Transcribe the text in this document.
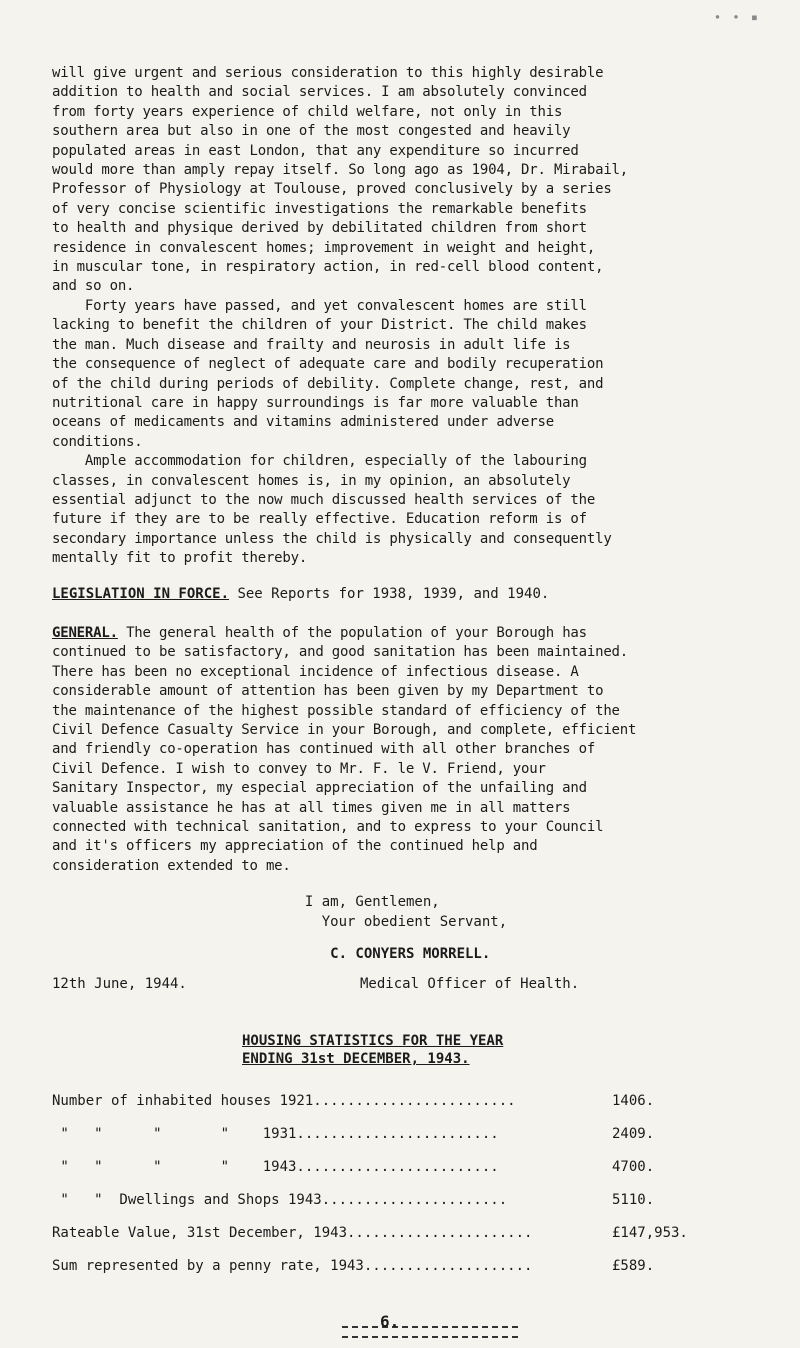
∙ ∙ ▪

will give urgent and serious consideration to this highly desirable
addition to health and social services. I am absolutely convinced
from forty years experience of child welfare, not only in this
southern area but also in one of the most congested and heavily
populated areas in east London, that any expenditure so incurred
would more than amply repay itself. So long ago as 1904, Dr. Mirabail,
Professor of Physiology at Toulouse, proved conclusively by a series
of very concise scientific investigations the remarkable benefits
to health and physique derived by debilitated children from short
residence in convalescent homes; improvement in weight and height,
in muscular tone, in respiratory action, in red-cell blood content,
and so on.

Forty years have passed, and yet convalescent homes are still
lacking to benefit the children of your District. The child makes
the man. Much disease and frailty and neurosis in adult life is
the consequence of neglect of adequate care and bodily recuperation
of the child during periods of debility. Complete change, rest, and
nutritional care in happy surroundings is far more valuable than
oceans of medicaments and vitamins administered under adverse
conditions.

Ample accommodation for children, especially of the labouring
classes, in convalescent homes is, in my opinion, an absolutely
essential adjunct to the now much discussed health services of the
future if they are to be really effective. Education reform is of
secondary importance unless the child is physically and consequently
mentally fit to profit thereby.

LEGISLATION IN FORCE. See Reports for 1938, 1939, and 1940.
GENERAL. The general health of the population of your Borough has
continued to be satisfactory, and good sanitation has been maintained.
There has been no exceptional incidence of infectious disease. A
considerable amount of attention has been given by my Department to
the maintenance of the highest possible standard of efficiency of the
Civil Defence Casualty Service in your Borough, and complete, efficient
and friendly co-operation has continued with all other branches of
Civil Defence. I wish to convey to Mr. F. le V. Friend, your
Sanitary Inspector, my especial appreciation of the unfailing and
valuable assistance he has at all times given me in all matters
connected with technical sanitation, and to express to your Council
and it's officers my appreciation of the continued help and
consideration extended to me.
I am, Gentlemen,
Your obedient Servant,
C. CONYERS MORRELL.
12th June, 1944.	Medical Officer of Health.
HOUSING STATISTICS FOR THE YEAR
ENDING 31st DECEMBER, 1943.
Number of inhabited houses 1921........................	1406.
"   "      "       "    1931........................	2409.
"   "      "       "    1943........................	4700.
"   "  Dwellings and Shops 1943......................	5110.
Rateable Value, 31st December, 1943......................	£147,953.
Sum represented by a penny rate, 1943....................	£589.
6.
